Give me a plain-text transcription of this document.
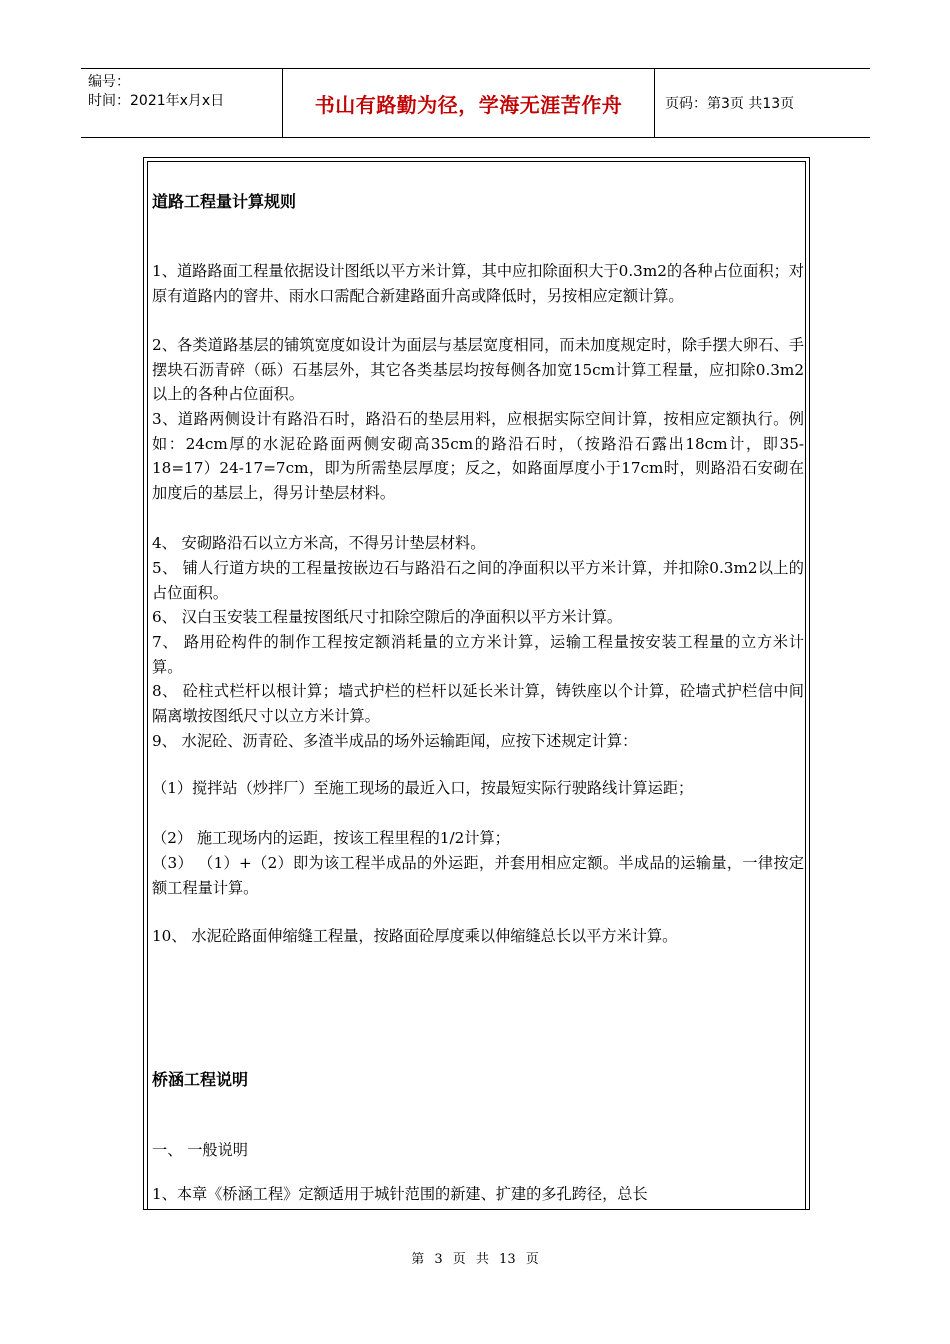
编号：
时间：2021年x月x日	书山有路勤为径，学海无涯苦作舟	页码：第3页 共13页
道路工程量计算规则
1、道路路面工程量依据设计图纸以平方米计算，其中应扣除面积大于0.3m2的各种占位面积；对原有道路内的窨井、雨水口需配合新建路面升高或降低时，另按相应定额计算。
2、各类道路基层的铺筑宽度如设计为面层与基层宽度相同，而未加度规定时，除手摆大卵石、手摆块石沥青碎（砾）石基层外，其它各类基层均按每侧各加宽15cm计算工程量，应扣除0.3m2以上的各种占位面积。
3、道路两侧设计有路沿石时，路沿石的垫层用料，应根据实际空间计算，按相应定额执行。例如：24cm厚的水泥砼路面两侧安砌高35cm的路沿石时，（按路沿石露出18cm计，即35-18=17）24-17=7cm，即为所需垫层厚度；反之，如路面厚度小于17cm时，则路沿石安砌在加度后的基层上，得另计垫层材料。
4、 安砌路沿石以立方米高，不得另计垫层材料。
5、 铺人行道方块的工程量按嵌边石与路沿石之间的净面积以平方米计算，并扣除0.3m2以上的占位面积。
6、 汉白玉安装工程量按图纸尺寸扣除空隙后的净面积以平方米计算。
7、 路用砼构件的制作工程按定额消耗量的立方米计算，运输工程量按安装工程量的立方米计算。
8、 砼柱式栏杆以根计算；墙式护栏的栏杆以延长米计算，铸铁座以个计算，砼墙式护栏信中间隔离墩按图纸尺寸以立方米计算。
9、 水泥砼、沥青砼、多渣半成品的场外运输距闻，应按下述规定计算：
（1）搅拌站（炒拌厂）至施工现场的最近入口，按最短实际行驶路线计算运距；
（2） 施工现场内的运距，按该工程里程的1/2计算；
（3） （1）+（2）即为该工程半成品的外运距，并套用相应定额。半成品的运输量，一律按定额工程量计算。
10、 水泥砼路面伸缩缝工程量，按路面砼厚度乘以伸缩缝总长以平方米计算。
桥涵工程说明
一、 一般说明
1、本章《桥涵工程》定额适用于城针范围的新建、扩建的多孔跨径，总长
第 3 页 共 13 页
